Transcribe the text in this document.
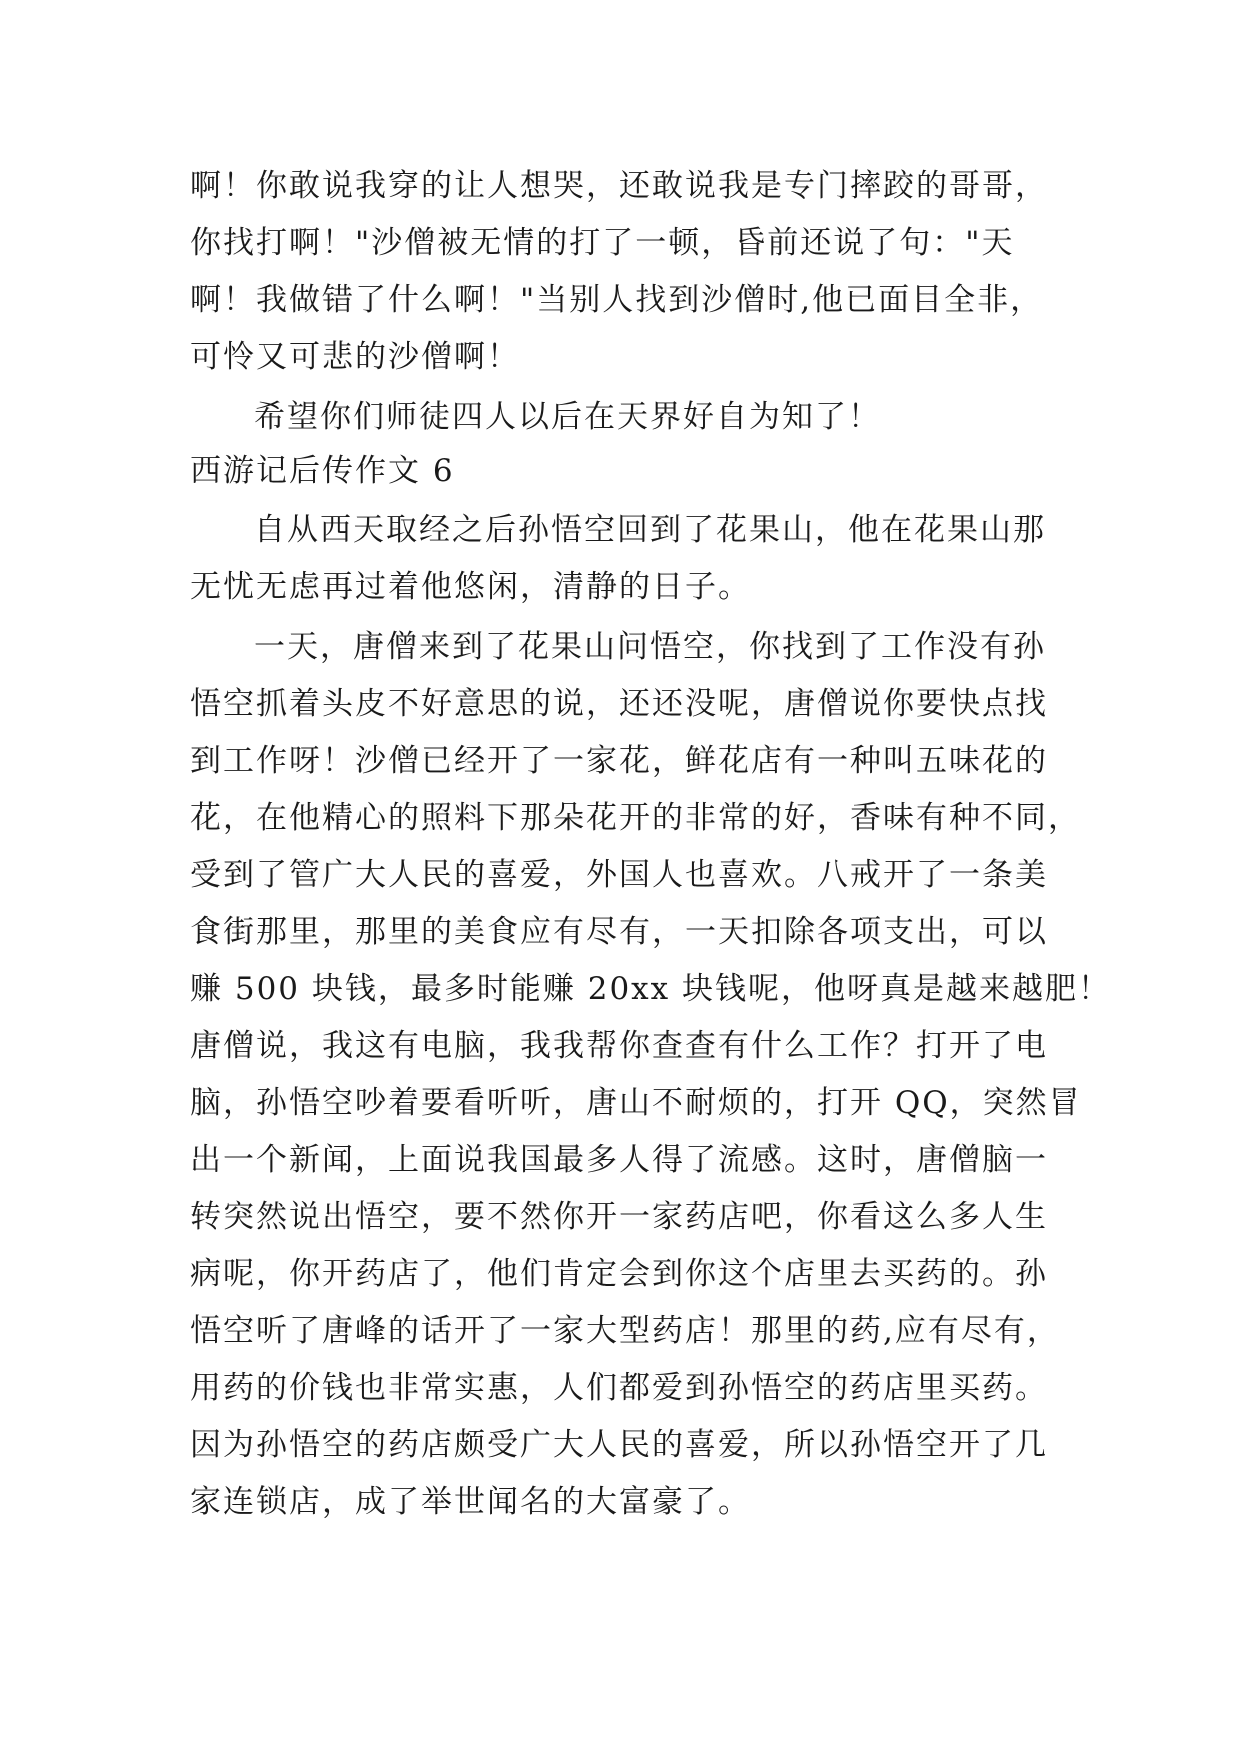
啊！你敢说我穿的让人想哭，还敢说我是专门摔跤的哥哥，
你找打啊！"沙僧被无情的打了一顿，昏前还说了句："天
啊！我做错了什么啊！"当别人找到沙僧时,他已面目全非，
可怜又可悲的沙僧啊！
希望你们师徒四人以后在天界好自为知了！
西游记后传作文 6
自从西天取经之后孙悟空回到了花果山，他在花果山那
无忧无虑再过着他悠闲，清静的日子。
一天，唐僧来到了花果山问悟空，你找到了工作没有孙
悟空抓着头皮不好意思的说，还还没呢，唐僧说你要快点找
到工作呀！沙僧已经开了一家花，鲜花店有一种叫五味花的
花，在他精心的照料下那朵花开的非常的好，香味有种不同，
受到了管广大人民的喜爱，外国人也喜欢。八戒开了一条美
食街那里，那里的美食应有尽有，一天扣除各项支出，可以
赚 500 块钱，最多时能赚 20xx 块钱呢，他呀真是越来越肥！
唐僧说，我这有电脑，我我帮你查查有什么工作？打开了电
脑，孙悟空吵着要看听听，唐山不耐烦的，打开 QQ，突然冒
出一个新闻，上面说我国最多人得了流感。这时，唐僧脑一
转突然说出悟空，要不然你开一家药店吧，你看这么多人生
病呢，你开药店了，他们肯定会到你这个店里去买药的。孙
悟空听了唐峰的话开了一家大型药店！那里的药,应有尽有，
用药的价钱也非常实惠，人们都爱到孙悟空的药店里买药。
因为孙悟空的药店颇受广大人民的喜爱，所以孙悟空开了几
家连锁店，成了举世闻名的大富豪了。
